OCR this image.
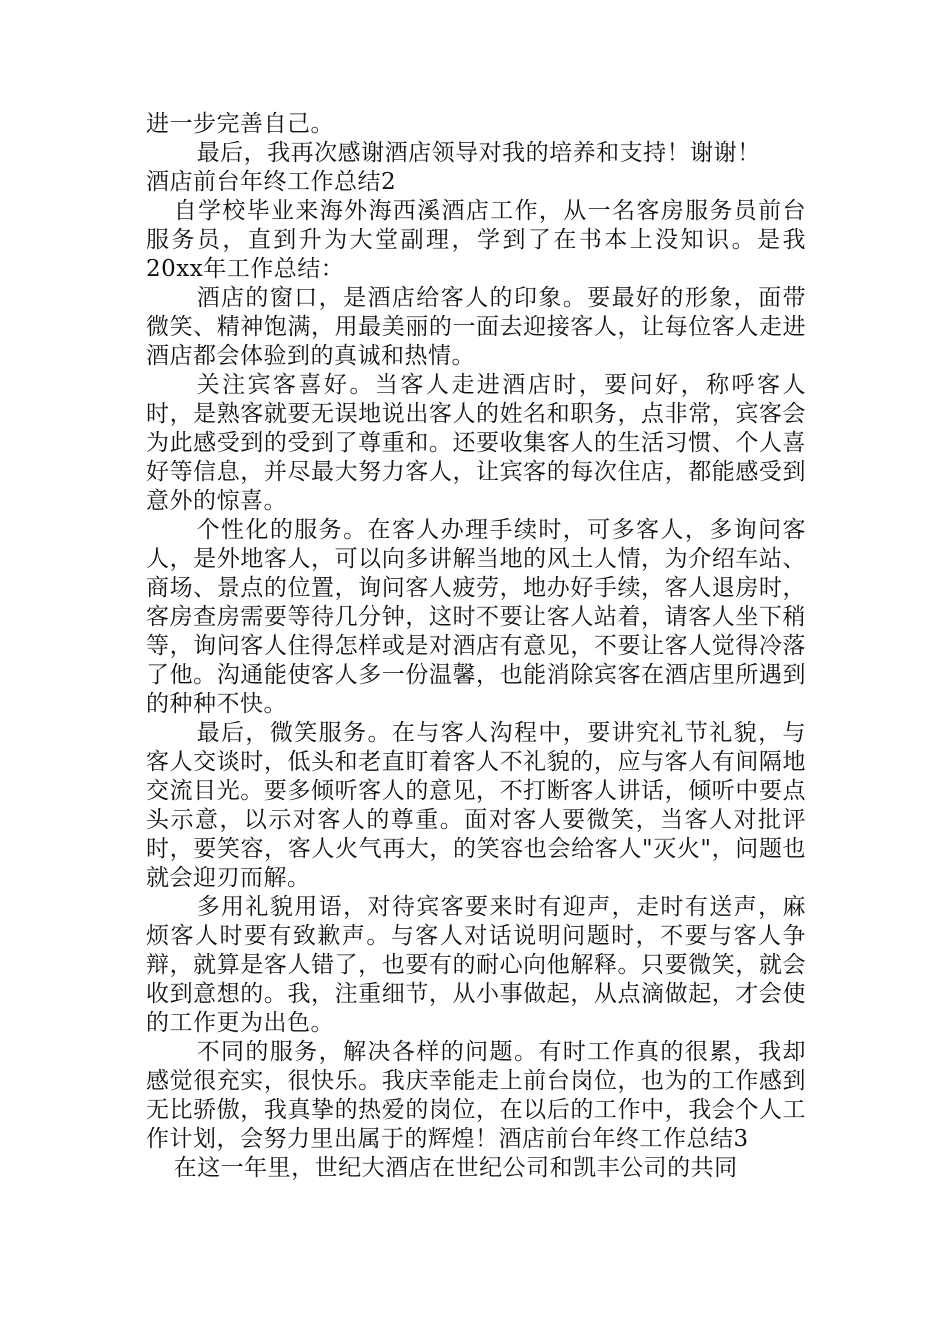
进一步完善自己。

最后，我再次感谢酒店领导对我的培养和支持！谢谢！

酒店前台年终工作总结2

自学校毕业来海外海西溪酒店工作，从一名客房服务员前台服务员，直到升为大堂副理，学到了在书本上没知识。是我20xx年工作总结：

酒店的窗口，是酒店给客人的印象。要最好的形象，面带微笑、精神饱满，用最美丽的一面去迎接客人，让每位客人走进酒店都会体验到的真诚和热情。

关注宾客喜好。当客人走进酒店时，要问好，称呼客人时，是熟客就要无误地说出客人的姓名和职务，点非常，宾客会为此感受到的受到了尊重和。还要收集客人的生活习惯、个人喜好等信息，并尽最大努力客人，让宾客的每次住店，都能感受到意外的惊喜。

个性化的服务。在客人办理手续时，可多客人，多询问客人，是外地客人，可以向多讲解当地的风土人情，为介绍车站、商场、景点的位置，询问客人疲劳，地办好手续，客人退房时，客房查房需要等待几分钟，这时不要让客人站着，请客人坐下稍等，询问客人住得怎样或是对酒店有意见，不要让客人觉得冷落了他。沟通能使客人多一份温馨，也能消除宾客在酒店里所遇到的种种不快。

最后，微笑服务。在与客人沟程中，要讲究礼节礼貌，与客人交谈时，低头和老直盯着客人不礼貌的，应与客人有间隔地交流目光。要多倾听客人的意见，不打断客人讲话，倾听中要点头示意，以示对客人的尊重。面对客人要微笑，当客人对批评时，要笑容，客人火气再大，的笑容也会给客人"灭火"，问题也就会迎刃而解。

多用礼貌用语，对待宾客要来时有迎声，走时有送声，麻烦客人时要有致歉声。与客人对话说明问题时，不要与客人争辩，就算是客人错了，也要有的耐心向他解释。只要微笑，就会收到意想的。我，注重细节，从小事做起，从点滴做起，才会使的工作更为出色。

不同的服务，解决各样的问题。有时工作真的很累，我却感觉很充实，很快乐。我庆幸能走上前台岗位，也为的工作感到无比骄傲，我真挚的热爱的岗位，在以后的工作中，我会个人工作计划，会努力里出属于的辉煌！酒店前台年终工作总结3

在这一年里，世纪大酒店在世纪公司和凯丰公司的共同
